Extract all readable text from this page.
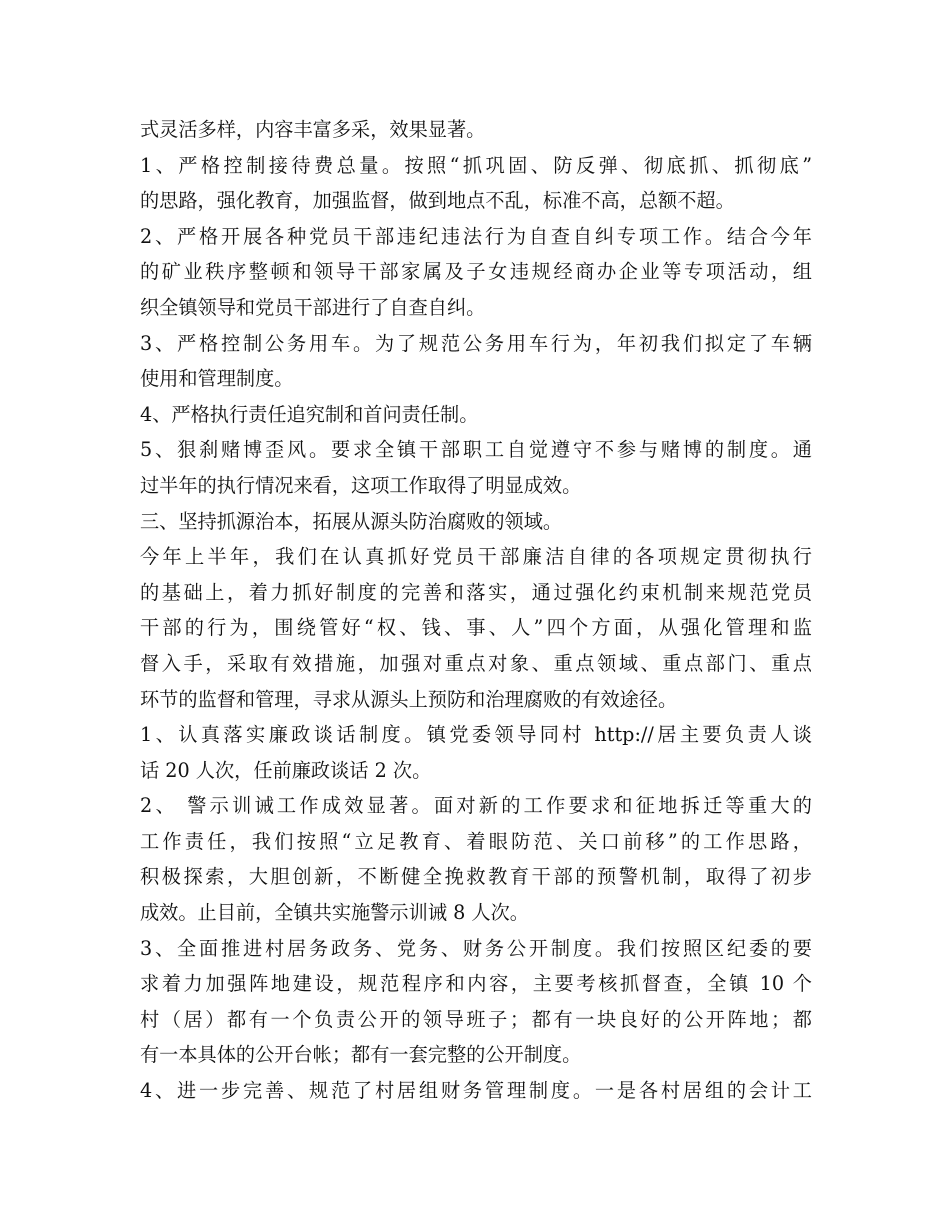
式灵活多样，内容丰富多采，效果显著。
1、严格控制接待费总量。按照“抓巩固、防反弹、彻底抓、抓彻底”
的思路，强化教育，加强监督，做到地点不乱，标准不高，总额不超。
2、严格开展各种党员干部违纪违法行为自查自纠专项工作。结合今年
的矿业秩序整顿和领导干部家属及子女违规经商办企业等专项活动，组
织全镇领导和党员干部进行了自查自纠。
3、严格控制公务用车。为了规范公务用车行为，年初我们拟定了车辆
使用和管理制度。
4、严格执行责任追究制和首问责任制。
5、狠刹赌博歪风。要求全镇干部职工自觉遵守不参与赌博的制度。通
过半年的执行情况来看，这项工作取得了明显成效。
三、坚持抓源治本，拓展从源头防治腐败的领域。
今年上半年，我们在认真抓好党员干部廉洁自律的各项规定贯彻执行
的基础上，着力抓好制度的完善和落实，通过强化约束机制来规范党员
干部的行为，围绕管好“权、钱、事、人”四个方面，从强化管理和监
督入手，采取有效措施，加强对重点对象、重点领域、重点部门、重点
环节的监督和管理，寻求从源头上预防和治理腐败的有效途径。
1、认真落实廉政谈话制度。镇党委领导同村 http://居主要负责人谈
话 20 人次，任前廉政谈话 2 次。
2、 警示训诫工作成效显著。面对新的工作要求和征地拆迁等重大的
工作责任，我们按照“立足教育、着眼防范、关口前移”的工作思路，
积极探索，大胆创新，不断健全挽救教育干部的预警机制，取得了初步
成效。止目前，全镇共实施警示训诫 8 人次。
3、全面推进村居务政务、党务、财务公开制度。我们按照区纪委的要
求着力加强阵地建设，规范程序和内容，主要考核抓督查，全镇 10 个
村（居）都有一个负责公开的领导班子；都有一块良好的公开阵地；都
有一本具体的公开台帐；都有一套完整的公开制度。
4、进一步完善、规范了村居组财务管理制度。一是各村居组的会计工
